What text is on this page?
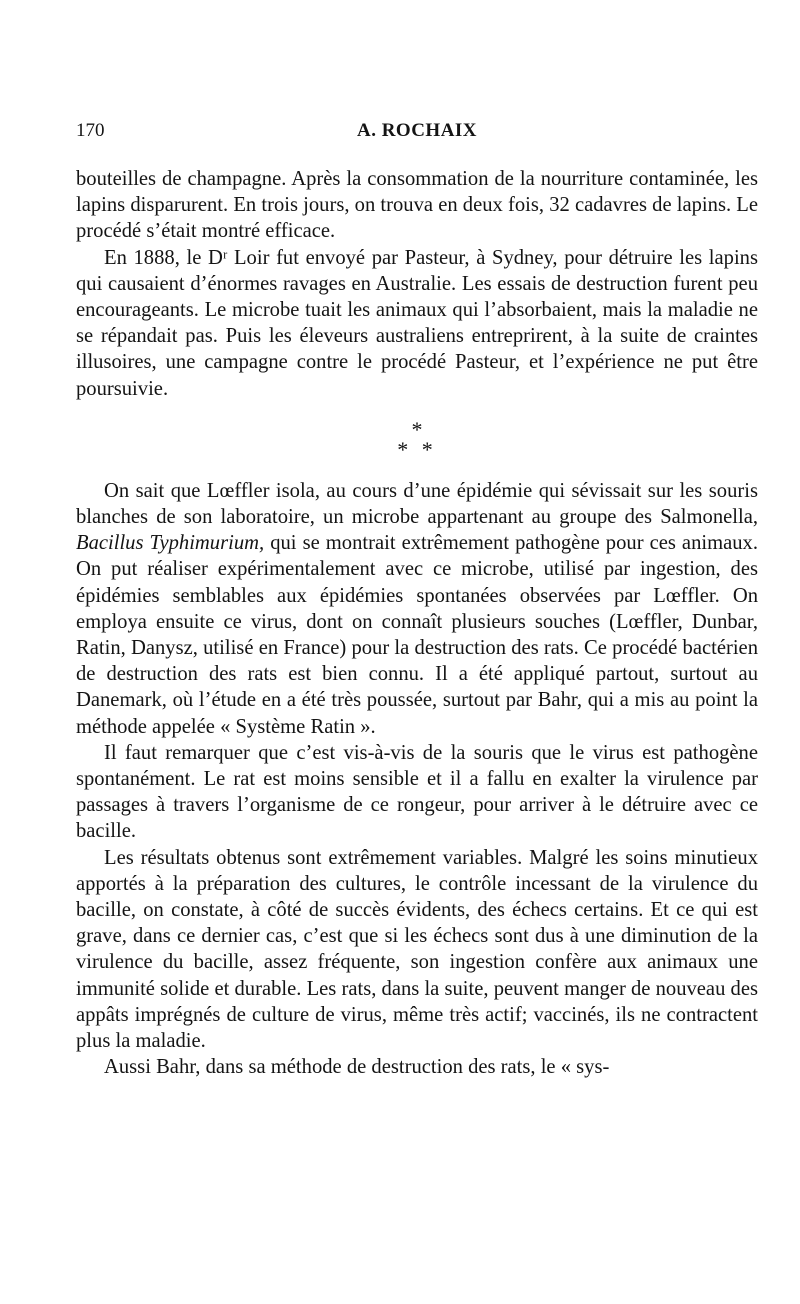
170	A. ROCHAIX

bouteilles de champagne. Après la consommation de la nourriture contaminée, les lapins disparurent. En trois jours, on trouva en deux fois, 32 cadavres de lapins. Le procédé s’était montré efficace.

En 1888, le Dʳ Loir fut envoyé par Pasteur, à Sydney, pour détruire les lapins qui causaient d’énormes ravages en Australie. Les essais de destruction furent peu encourageants. Le microbe tuait les animaux qui l’absorbaient, mais la maladie ne se répandait pas. Puis les éleveurs australiens entreprirent, à la suite de craintes illusoires, une campagne contre le procédé Pasteur, et l’expérience ne put être poursuivie.

*
* *

On sait que Lœffler isola, au cours d’une épidémie qui sévissait sur les souris blanches de son laboratoire, un microbe appartenant au groupe des Salmonella, Bacillus Typhimurium, qui se montrait extrêmement pathogène pour ces animaux. On put réaliser expérimentalement avec ce microbe, utilisé par ingestion, des épidémies semblables aux épidémies spontanées observées par Lœffler. On employa ensuite ce virus, dont on connaît plusieurs souches (Lœffler, Dunbar, Ratin, Danysz, utilisé en France) pour la destruction des rats. Ce procédé bactérien de destruction des rats est bien connu. Il a été appliqué partout, surtout au Danemark, où l’étude en a été très poussée, surtout par Bahr, qui a mis au point la méthode appelée « Système Ratin ».

Il faut remarquer que c’est vis-à-vis de la souris que le virus est pathogène spontanément. Le rat est moins sensible et il a fallu en exalter la virulence par passages à travers l’organisme de ce rongeur, pour arriver à le détruire avec ce bacille.

Les résultats obtenus sont extrêmement variables. Malgré les soins minutieux apportés à la préparation des cultures, le contrôle incessant de la virulence du bacille, on constate, à côté de succès évidents, des échecs certains. Et ce qui est grave, dans ce dernier cas, c’est que si les échecs sont dus à une diminution de la virulence du bacille, assez fréquente, son ingestion confère aux animaux une immunité solide et durable. Les rats, dans la suite, peuvent manger de nouveau des appâts imprégnés de culture de virus, même très actif; vaccinés, ils ne contractent plus la maladie.

Aussi Bahr, dans sa méthode de destruction des rats, le « sys-
